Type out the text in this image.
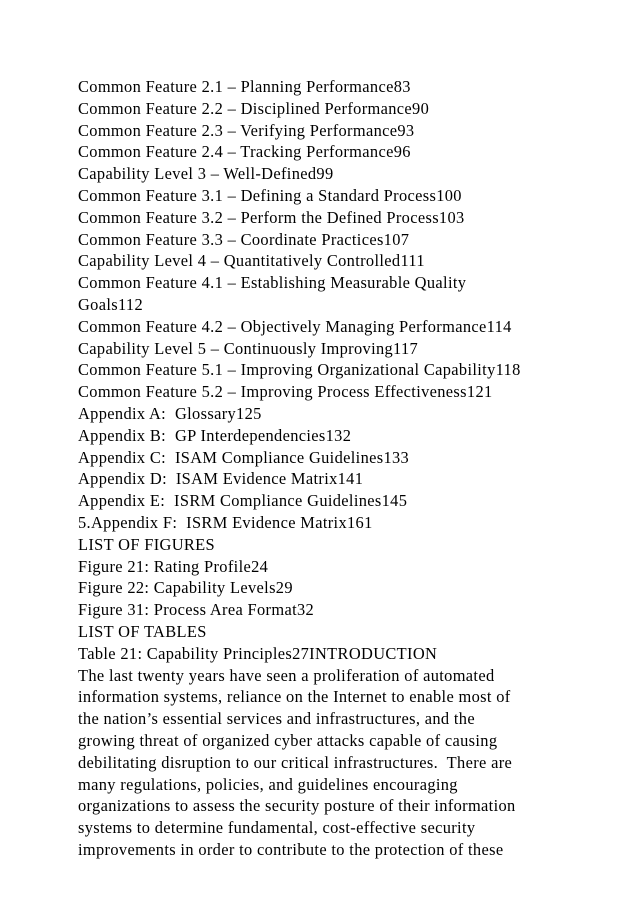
Common Feature 2.1 – Planning Performance83
Common Feature 2.2 – Disciplined Performance90
Common Feature 2.3 – Verifying Performance93
Common Feature 2.4 – Tracking Performance96
Capability Level 3 – Well-Defined99
Common Feature 3.1 – Defining a Standard Process100
Common Feature 3.2 – Perform the Defined Process103
Common Feature 3.3 – Coordinate Practices107
Capability Level 4 – Quantitatively Controlled111
Common Feature 4.1 – Establishing Measurable Quality
Goals112
Common Feature 4.2 – Objectively Managing Performance114
Capability Level 5 – Continuously Improving117
Common Feature 5.1 – Improving Organizational Capability118
Common Feature 5.2 – Improving Process Effectiveness121
Appendix A:  Glossary125
Appendix B:  GP Interdependencies132
Appendix C:  ISAM Compliance Guidelines133
Appendix D:  ISAM Evidence Matrix141
Appendix E:  ISRM Compliance Guidelines145
5.Appendix F:  ISRM Evidence Matrix161
LIST OF FIGURES
Figure 21: Rating Profile24
Figure 22: Capability Levels29
Figure 31: Process Area Format32
LIST OF TABLES
Table 21: Capability Principles27INTRODUCTION
The last twenty years have seen a proliferation of automated
information systems, reliance on the Internet to enable most of
the nation’s essential services and infrastructures, and the
growing threat of organized cyber attacks capable of causing
debilitating disruption to our critical infrastructures.  There are
many regulations, policies, and guidelines encouraging
organizations to assess the security posture of their information
systems to determine fundamental, cost-effective security
improvements in order to contribute to the protection of these
